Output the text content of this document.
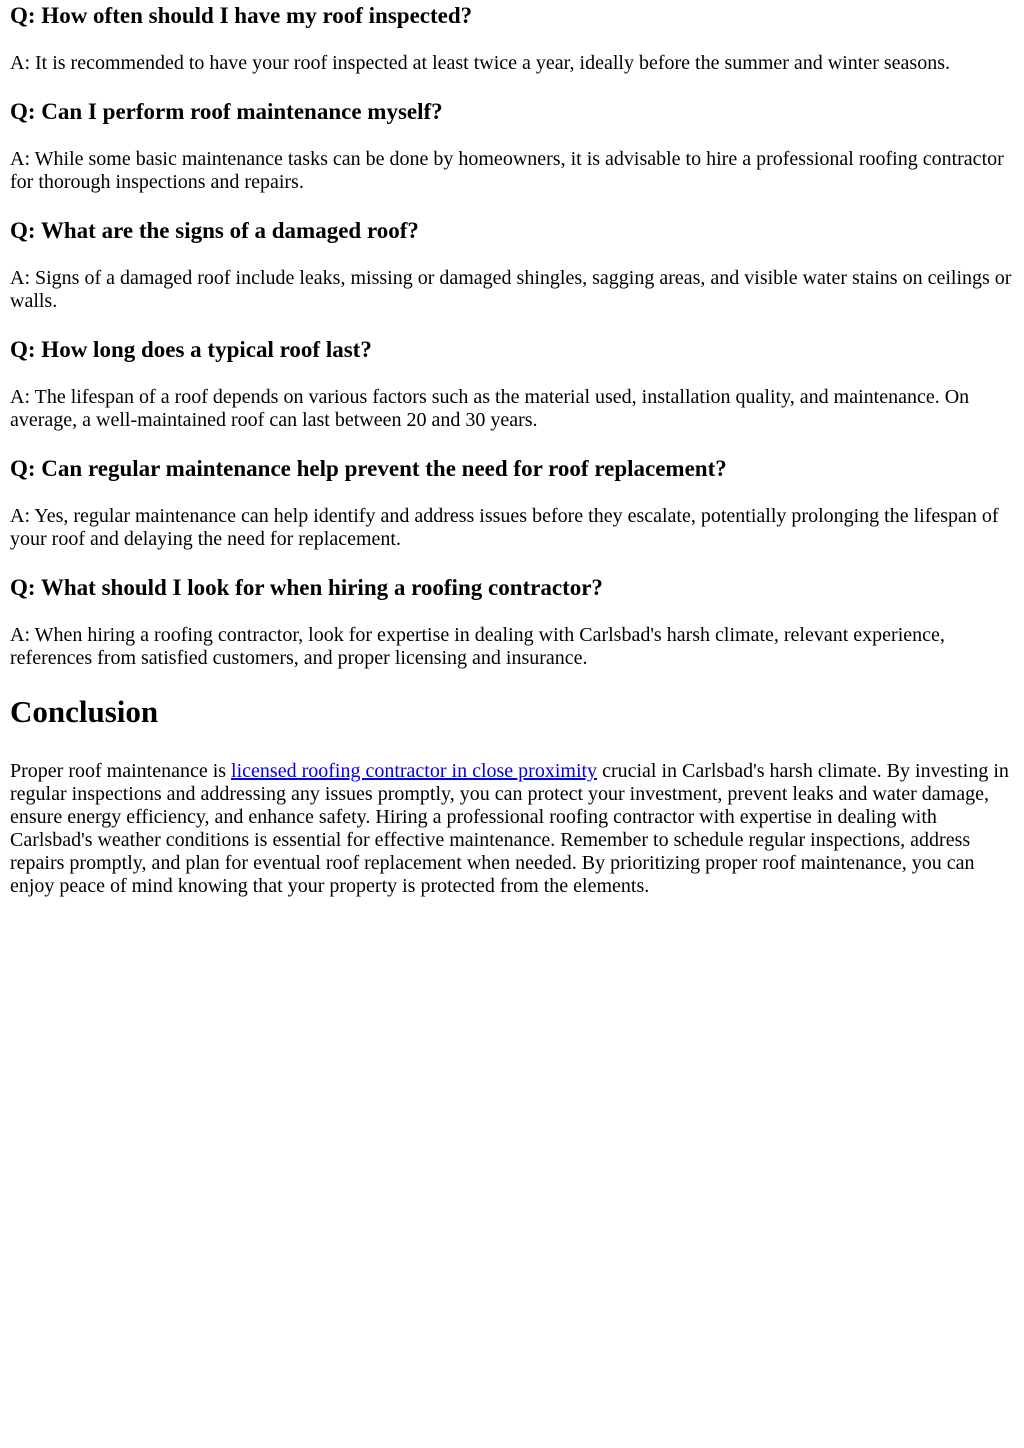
Q: How often should I have my roof inspected?

A: It is recommended to have your roof inspected at least twice a year, ideally before the summer and winter seasons.

Q: Can I perform roof maintenance myself?

A: While some basic maintenance tasks can be done by homeowners, it is advisable to hire a professional roofing contractor for thorough inspections and repairs.

Q: What are the signs of a damaged roof?

A: Signs of a damaged roof include leaks, missing or damaged shingles, sagging areas, and visible water stains on ceilings or walls.

Q: How long does a typical roof last?

A: The lifespan of a roof depends on various factors such as the material used, installation quality, and maintenance. On average, a well-maintained roof can last between 20 and 30 years.

Q: Can regular maintenance help prevent the need for roof replacement?

A: Yes, regular maintenance can help identify and address issues before they escalate, potentially prolonging the lifespan of your roof and delaying the need for replacement.

Q: What should I look for when hiring a roofing contractor?

A: When hiring a roofing contractor, look for expertise in dealing with Carlsbad's harsh climate, relevant experience, references from satisfied customers, and proper licensing and insurance.

Conclusion

Proper roof maintenance is licensed roofing contractor in close proximity crucial in Carlsbad's harsh climate. By investing in regular inspections and addressing any issues promptly, you can protect your investment, prevent leaks and water damage, ensure energy efficiency, and enhance safety. Hiring a professional roofing contractor with expertise in dealing with Carlsbad's weather conditions is essential for effective maintenance. Remember to schedule regular inspections, address repairs promptly, and plan for eventual roof replacement when needed. By prioritizing proper roof maintenance, you can enjoy peace of mind knowing that your property is protected from the elements.
